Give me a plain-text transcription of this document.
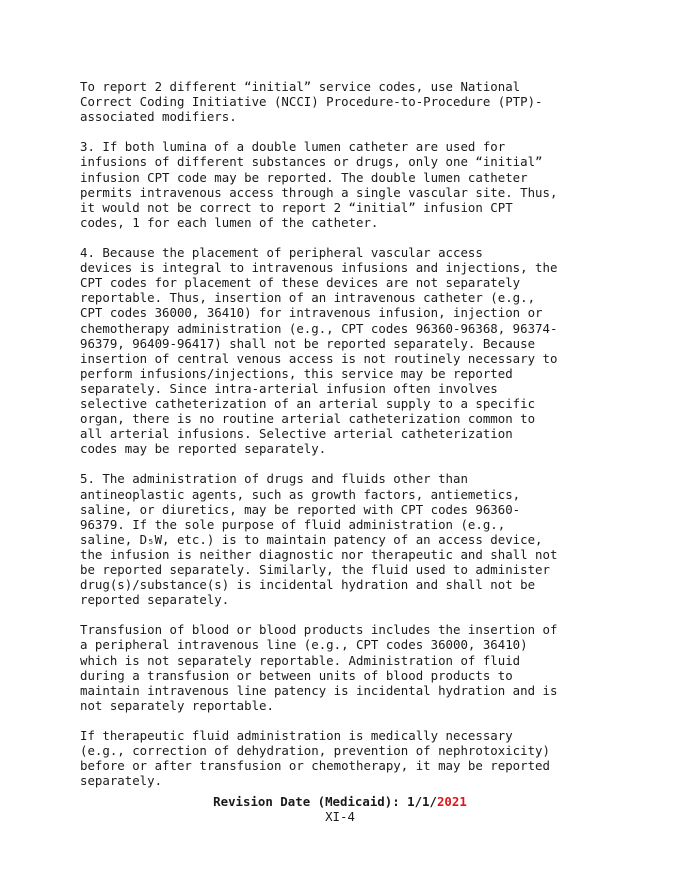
To report 2 different “initial” service codes, use National
Correct Coding Initiative (NCCI) Procedure-to-Procedure (PTP)-
associated modifiers.

3. If both lumina of a double lumen catheter are used for
infusions of different substances or drugs, only one “initial”
infusion CPT code may be reported. The double lumen catheter
permits intravenous access through a single vascular site. Thus,
it would not be correct to report 2 “initial” infusion CPT
codes, 1 for each lumen of the catheter.

4. Because the placement of peripheral vascular access
devices is integral to intravenous infusions and injections, the
CPT codes for placement of these devices are not separately
reportable. Thus, insertion of an intravenous catheter (e.g.,
CPT codes 36000, 36410) for intravenous infusion, injection or
chemotherapy administration (e.g., CPT codes 96360-96368, 96374-
96379, 96409-96417) shall not be reported separately. Because
insertion of central venous access is not routinely necessary to
perform infusions/injections, this service may be reported
separately. Since intra-arterial infusion often involves
selective catheterization of an arterial supply to a specific
organ, there is no routine arterial catheterization common to
all arterial infusions. Selective arterial catheterization
codes may be reported separately.

5. The administration of drugs and fluids other than
antineoplastic agents, such as growth factors, antiemetics,
saline, or diuretics, may be reported with CPT codes 96360-
96379. If the sole purpose of fluid administration (e.g.,
saline, D₅W, etc.) is to maintain patency of an access device,
the infusion is neither diagnostic nor therapeutic and shall not
be reported separately. Similarly, the fluid used to administer
drug(s)/substance(s) is incidental hydration and shall not be
reported separately.

Transfusion of blood or blood products includes the insertion of
a peripheral intravenous line (e.g., CPT codes 36000, 36410)
which is not separately reportable. Administration of fluid
during a transfusion or between units of blood products to
maintain intravenous line patency is incidental hydration and is
not separately reportable.

If therapeutic fluid administration is medically necessary
(e.g., correction of dehydration, prevention of nephrotoxicity)
before or after transfusion or chemotherapy, it may be reported
separately.

Revision Date (Medicaid): 1/1/2021
XI-4
